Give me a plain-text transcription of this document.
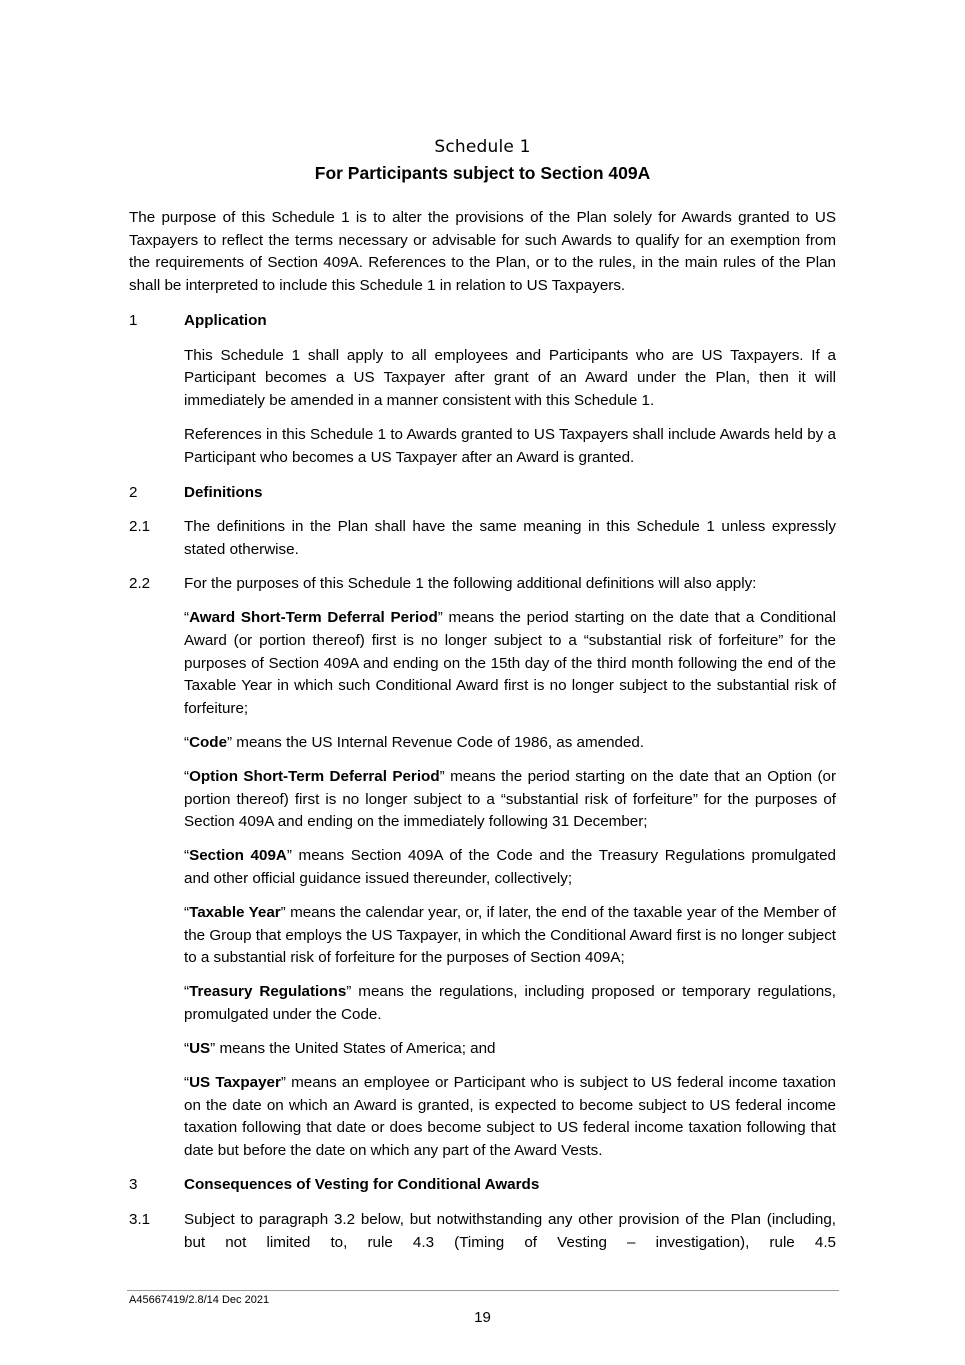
Schedule 1
For Participants subject to Section 409A

The purpose of this Schedule 1 is to alter the provisions of the Plan solely for Awards granted to US Taxpayers to reflect the terms necessary or advisable for such Awards to qualify for an exemption from the requirements of Section 409A. References to the Plan, or to the rules, in the main rules of the Plan shall be interpreted to include this Schedule 1 in relation to US Taxpayers.

1	Application

This Schedule 1 shall apply to all employees and Participants who are US Taxpayers. If a Participant becomes a US Taxpayer after grant of an Award under the Plan, then it will immediately be amended in a manner consistent with this Schedule 1.

References in this Schedule 1 to Awards granted to US Taxpayers shall include Awards held by a Participant who becomes a US Taxpayer after an Award is granted.

2	Definitions
2.1	The definitions in the Plan shall have the same meaning in this Schedule 1 unless expressly stated otherwise.
2.2	For the purposes of this Schedule 1 the following additional definitions will also apply:

“Award Short-Term Deferral Period” means the period starting on the date that a Conditional Award (or portion thereof) first is no longer subject to a “substantial risk of forfeiture” for the purposes of Section 409A and ending on the 15th day of the third month following the end of the Taxable Year in which such Conditional Award first is no longer subject to the substantial risk of forfeiture;

“Code” means the US Internal Revenue Code of 1986, as amended.

“Option Short-Term Deferral Period” means the period starting on the date that an Option (or portion thereof) first is no longer subject to a “substantial risk of forfeiture” for the purposes of Section 409A and ending on the immediately following 31 December;

“Section 409A” means Section 409A of the Code and the Treasury Regulations promulgated and other official guidance issued thereunder, collectively;

“Taxable Year” means the calendar year, or, if later, the end of the taxable year of the Member of the Group that employs the US Taxpayer, in which the Conditional Award first is no longer subject to a substantial risk of forfeiture for the purposes of Section 409A;

“Treasury Regulations” means the regulations, including proposed or temporary regulations, promulgated under the Code.

“US” means the United States of America; and

“US Taxpayer” means an employee or Participant who is subject to US federal income taxation on the date on which an Award is granted, is expected to become subject to US federal income taxation following that date or does become subject to US federal income taxation following that date but before the date on which any part of the Award Vests.

3	Consequences of Vesting for Conditional Awards
3.1	Subject to paragraph 3.2 below, but notwithstanding any other provision of the Plan (including, but not limited to, rule 4.3 (Timing of Vesting – investigation), rule 4.5
A45667419/2.8/14 Dec 2021
19
